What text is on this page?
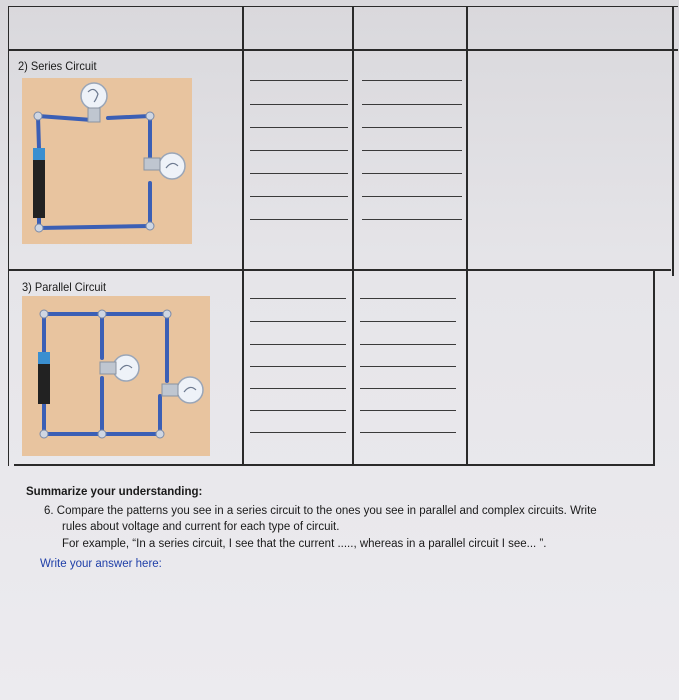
2) Series Circuit
3) Parallel Circuit
Summarize your understanding:
6. Compare the patterns you see in a series circuit to the ones you see in parallel and complex circuits. Write
rules about voltage and current for each type of circuit.
For example, “In a series circuit, I see that the current ....., whereas in a parallel circuit I see... ”.
Write your answer here:
